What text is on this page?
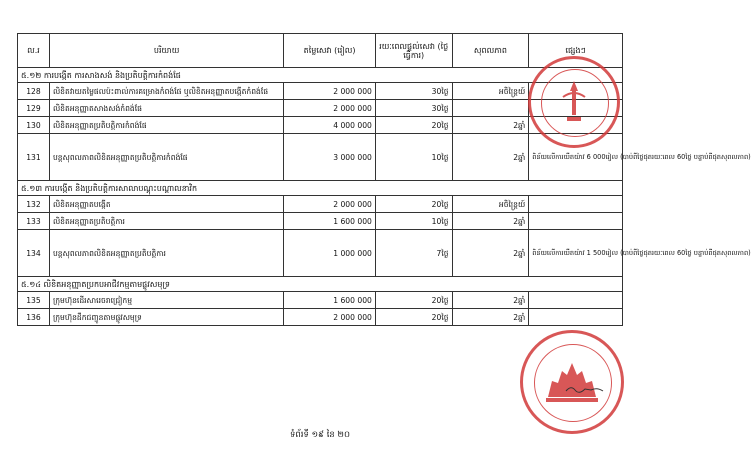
ល.រ	បរិយាយ	តម្លៃសេវា (រៀល)	រយៈពេលផ្ដល់សេវា (ថ្ងៃធ្វើការ)	សុពលភាព	ផ្សេងៗ
៥.១២ ការបង្កើត ការសាងសង់ និងប្រតិបត្តិការកំពង់ផែ					
128	លិខិតវាយតម្លៃផលប៉ះពាល់ការគម្រោងកំពង់ផែ ឬលិខិតអនុញ្ញាតបង្កើតកំពង់ផែ	2 000 000	30ថ្ងៃ	អចិន្ត្រៃយ៍	
129	លិខិតអនុញ្ញាតសាងសង់កំពង់ផែ	2 000 000	30ថ្ងៃ		
130	លិខិតអនុញ្ញាតប្រតិបត្តិការកំពង់ផែ	4 000 000	20ថ្ងៃ	2ឆ្នាំ	
131	បន្តសុពលភាពលិខិតអនុញ្ញាតប្រតិបត្តិការកំពង់ផែ	3 000 000	10ថ្ងៃ	2ឆ្នាំ	ពិន័យលើការយឺតយ៉ាវ 6 000រៀល (បាប់ពីថ្ងៃផុតរយៈពេល 60ថ្ងៃ បន្ទាប់ពីផុតសុពលភាព)
៥.១៣ ការបង្កើត និងប្រតិបត្តិការសាលាបណ្ដុះបណ្ដាលនាវិក					
132	លិខិតអនុញ្ញាតបង្កើត	2 000 000	20ថ្ងៃ	អចិន្ត្រៃយ៍	
133	លិខិតអនុញ្ញាតប្រតិបត្តិការ	1 600 000	10ថ្ងៃ	2ឆ្នាំ	
134	បន្តសុពលភាពលិខិតអនុញ្ញាតប្រតិបត្តិការ	1 000 000	7ថ្ងៃ	2ឆ្នាំ	ពិន័យលើការយឺតយ៉ាវ 1 500រៀល (បាប់ពីថ្ងៃផុតរយៈពេល 60ថ្ងៃ បន្ទាប់ពីផុតសុពលភាព)
៥.១៤ លិខិតអនុញ្ញាតប្រកបអាជីវកម្មតាមផ្លូវសមុទ្រ					
135	ក្រុមហ៊ុនដើរសារេចរាជ្រៀកម្ម	1 600 000	20ថ្ងៃ	2ឆ្នាំ	
136	ក្រុមហ៊ុនដឹកជញ្ជូនតាមផ្លូវសមុទ្រ	2 000 000	20ថ្ងៃ	2ឆ្នាំ	
ទំព័រទី ១៩ នៃ ២០
